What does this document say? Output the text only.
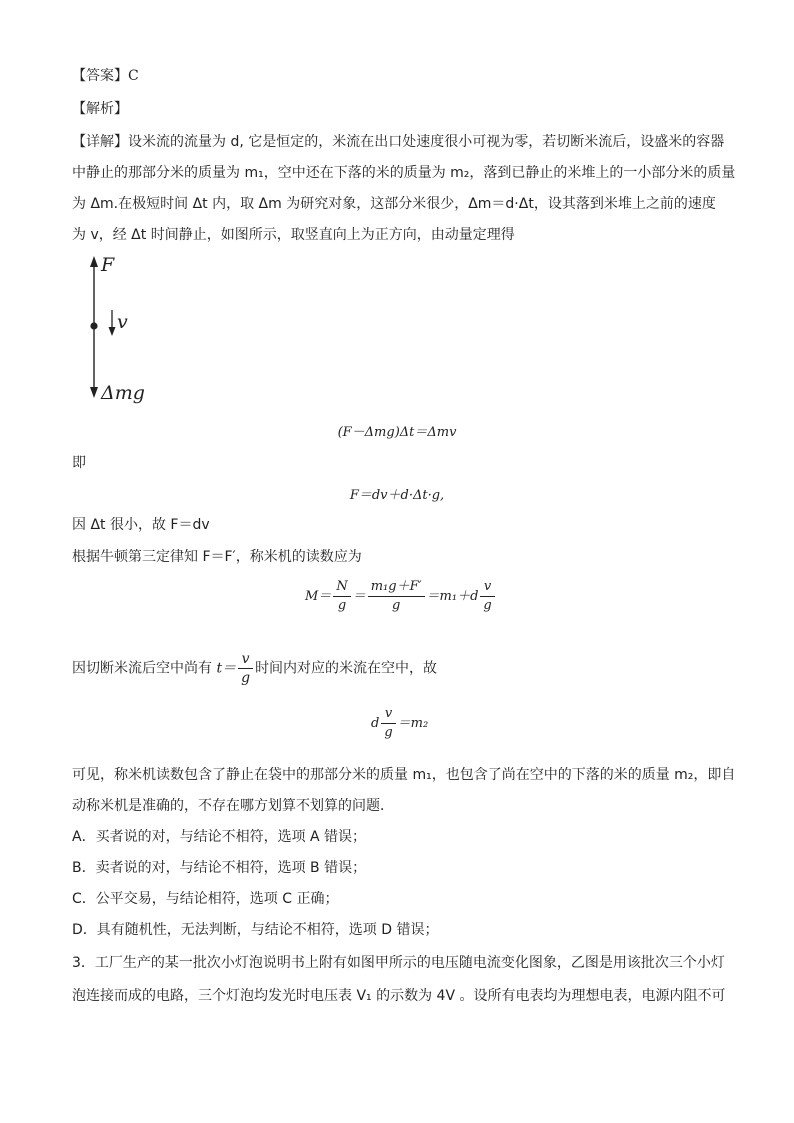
【答案】C
【解析】
【详解】设米流的流量为 d, 它是恒定的，米流在出口处速度很小可视为零，若切断米流后，设盛米的容器
中静止的那部分米的质量为 m₁，空中还在下落的米的质量为 m₂，落到已静止的米堆上的一小部分米的质量
为 Δm.在极短时间 Δt 内，取 Δm 为研究对象，这部分米很少，Δm＝d·Δt，设其落到米堆上之前的速度
为 v，经 Δt 时间静止，如图所示，取竖直向上为正方向，由动量定理得
F
v
Δmg
(F－Δmg)Δt＝Δmv
即
F＝dv＋d·Δt·g,
因 Δt 很小，故 F＝dv
根据牛顿第三定律知 F＝F′，称米机的读数应为
$M= \frac{N}{g} = \frac{\text{m₁g＋F′}}{g} =m_1+d \frac{v}{g}$
因切断米流后空中尚有 $t= \frac{v}{g}$ 时间内对应的米流在空中，故
d $\frac{v}{g} =m_2$
可见，称米机读数包含了静止在袋中的那部分米的质量 m₁，也包含了尚在空中的下落的米的质量 m₂，即自
动称米机是准确的，不存在哪方划算不划算的问题．
A．买者说的对，与结论不相符，选项 A 错误；
B．卖者说的对，与结论不相符，选项 B 错误；
C．公平交易，与结论相符，选项 C 正确；
D．具有随机性，无法判断，与结论不相符，选项 D 错误；
3．工厂生产的某一批次小灯泡说明书上附有如图甲所示的电压随电流变化图象，乙图是用该批次三个小灯
泡连接而成的电路，三个灯泡均发光时电压表 V₁ 的示数为 4V 。设所有电表均为理想电表，电源内阻不可
